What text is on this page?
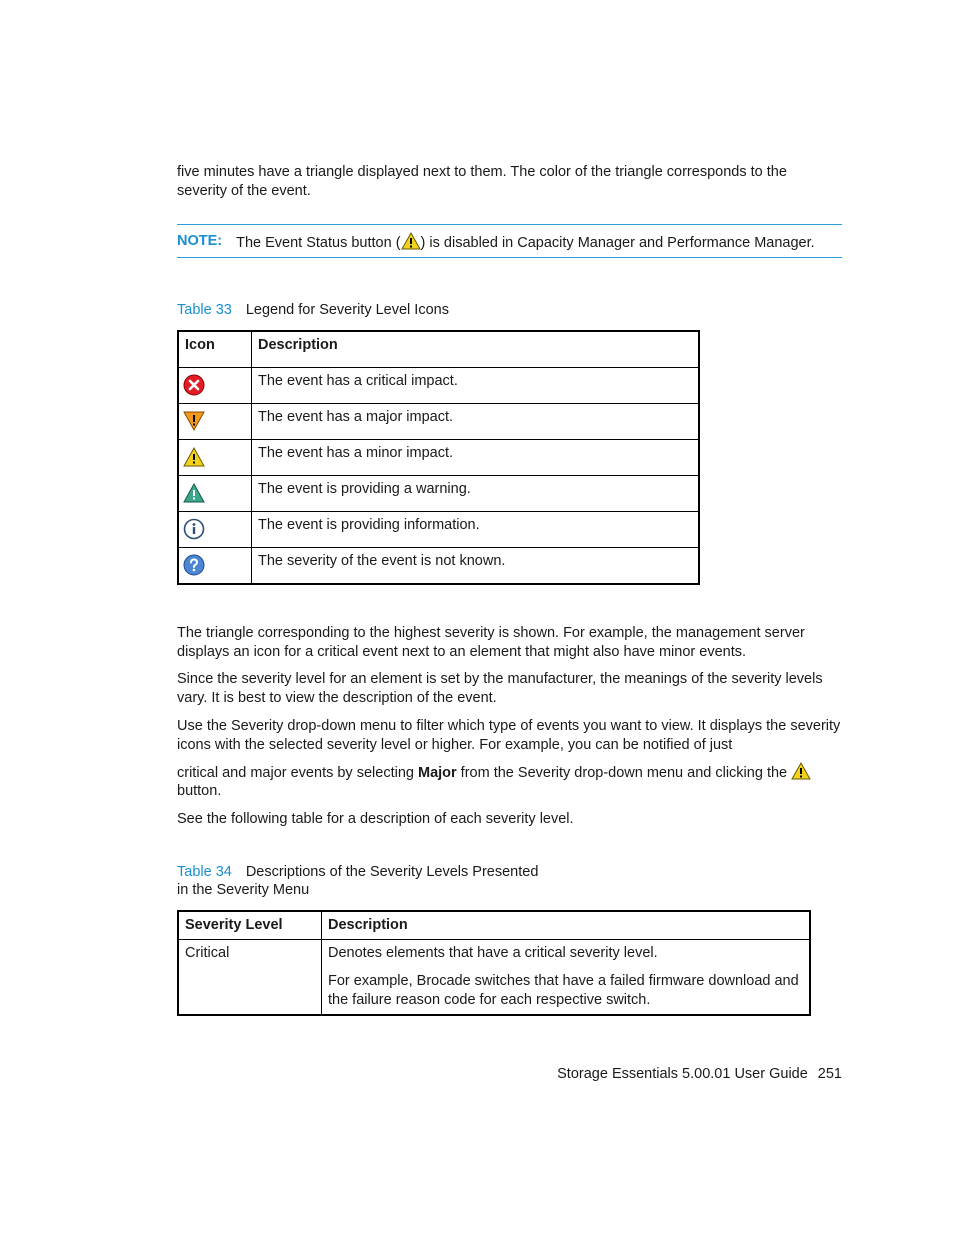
five minutes have a triangle displayed next to them. The color of the triangle corresponds to the severity of the event.

NOTE: The Event Status button ( ) is disabled in Capacity Manager and Performance Manager.
Table 33 Legend for Severity Level Icons
Icon	Description
	The event has a critical impact.
	The event has a major impact.
	The event has a minor impact.
	The event is providing a warning.
	The event is providing information.
	The severity of the event is not known.

The triangle corresponding to the highest severity is shown. For example, the management server displays an icon for a critical event next to an element that might also have minor events.

Since the severity level for an element is set by the manufacturer, the meanings of the severity levels vary. It is best to view the description of the event.

Use the Severity drop-down menu to filter which type of events you want to view. It displays the severity icons with the selected severity level or higher. For example, you can be notified of just

critical and major events by selecting Major from the Severity drop-down menu and clicking the

button.

See the following table for a description of each severity level.

Table 34 Descriptions of the Severity Levels Presented
in the Severity Menu
Severity Level	Description
Critical	Denotes elements that have a critical severity level.

For example, Brocade switches that have a failed firmware download and the failure reason code for each respective switch.

Storage Essentials 5.00.01 User Guide 251
